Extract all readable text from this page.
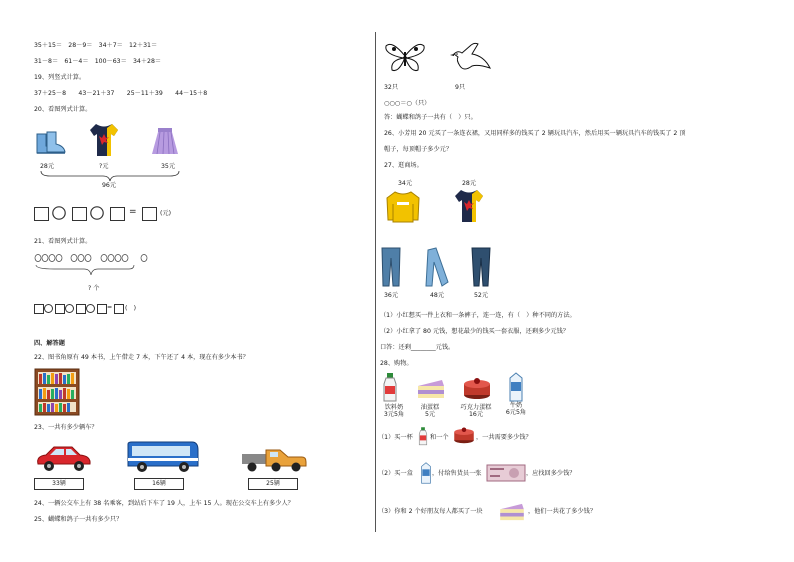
35＋15＝　28－9＝　34＋7＝　12＋31＝
31－8＝　61－4＝　100－63＝　34＋28＝
19、列竖式计算。
37＋25－8　　43－21＋37　　25－11＋39　　44－15＋8
20、看图列式计算。
28元	?元	35元
96元
=	(元)
21、看图列式计算。
? 个
= (　)
四、解答题
22、图书角原有 49 本书，上午借走 7 本，下午还了 4 本，现在有多少本书？
23、一共有多少辆车？
33辆	16辆	25辆
24、一辆公交车上有 38 名乘客，到站后下车了 19 人，上车 15 人。现在公交车上有多少人？
25、蝴蝶和鸽子一共有多少只？
32只	9只
○○○＝○（只）
答：蝴蝶和鸽子一共有（　）只。
26、小芳用 20 元买了一条连衣裙，又用同样多的钱买了 2 辆玩具汽车，然后用买一辆玩具汽车的钱买了 2 顶
帽子，每顶帽子多少元？
27、逛商场。
34元	28元
36元	48元	52元
（1）小红想买一件上衣和一条裤子，连一连，有（　）种不同的方法。
（2）小红拿了 80 元钱，想花最少的钱买一套衣服，还剩多少元钱？
口答：还剩________元钱。
28、购物。
饮料奶
3元5角
油蛋糕
5元
巧克力蛋糕
16元
牛奶
6元5角
（1）买一杯	和一个	，一共需要多少钱？
（2）买一盒	，付给售货员一张	，应找回多少钱？
（3）你和 2 个好朋友每人都买了一块	，他们一共花了多少钱？
